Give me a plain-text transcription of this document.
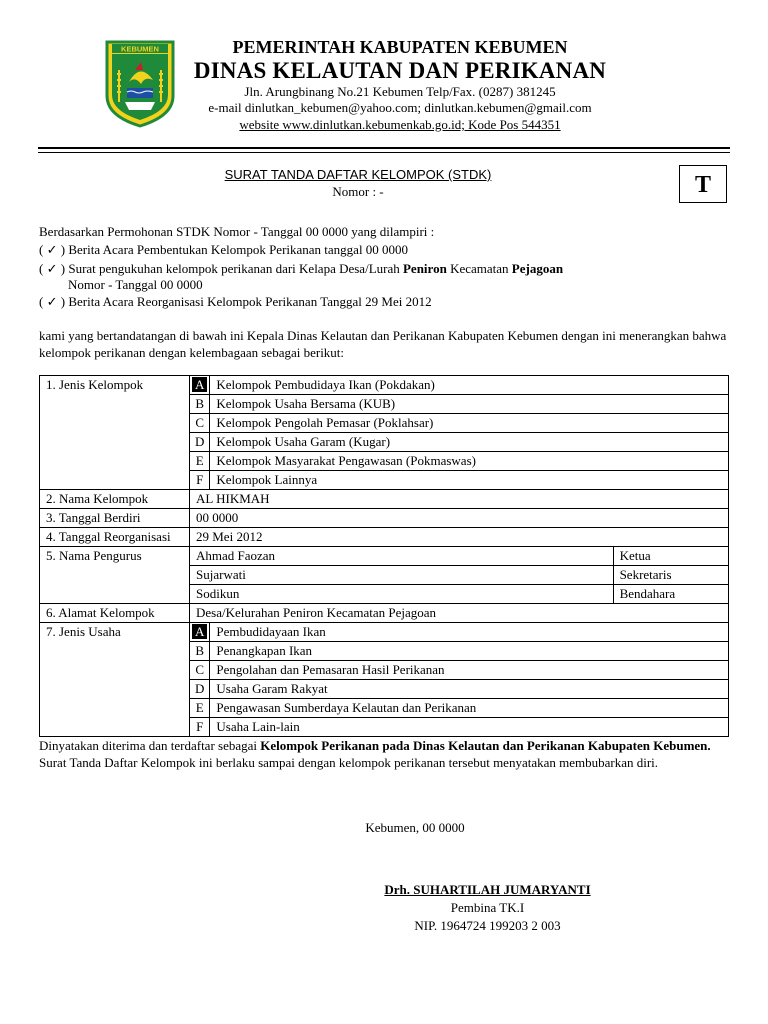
KEBUMEN	PEMERINTAH KABUPATEN KEBUMEN
DINAS KELAUTAN DAN PERIKANAN
Jln. Arungbinang No.21 Kebumen Telp/Fax. (0287) 381245
e-mail dinlutkan_kebumen@yahoo.com; dinlutkan.kebumen@gmail.com
website www.dinlutkan.kebumenkab.go.id; Kode Pos 544351
SURAT TANDA DAFTAR KELOMPOK (STDK)
Nomor : -	T
Berdasarkan Permohonan STDK Nomor - Tanggal 00 0000 yang dilampiri :
( ✓ ) Berita Acara Pembentukan Kelompok Perikanan tanggal 00 0000
( ✓ ) Surat pengukuhan kelompok perikanan dari Kelapa Desa/Lurah Peniron Kecamatan Pejagoan
Nomor - Tanggal 00 0000
( ✓ ) Berita Acara Reorganisasi Kelompok Perikanan Tanggal 29 Mei 2012
kami yang bertandatangan di bawah ini Kepala Dinas Kelautan dan Perikanan Kabupaten Kebumen dengan ini menerangkan bahwa kelompok perikanan dengan kelembagaan sebagai berikut:
1. Jenis Kelompok	A	Kelompok Pembudidaya Ikan (Pokdakan)	
	B	Kelompok Usaha Bersama (KUB)	
	C	Kelompok Pengolah Pemasar (Poklahsar)	
	D	Kelompok Usaha Garam (Kugar)	
	E	Kelompok Masyarakat Pengawasan (Pokmaswas)	
	F	Kelompok Lainnya	
2. Nama Kelompok	AL HIKMAH		
3. Tanggal Berdiri	00 0000		
4. Tanggal Reorganisasi	29 Mei 2012		
5. Nama Pengurus	Ahmad Faozan		Ketua
	Sujarwati		Sekretaris
	Sodikun		Bendahara
6. Alamat Kelompok	Desa/Kelurahan Peniron Kecamatan Pejagoan		
7. Jenis Usaha	A	Pembudidayaan Ikan	
	B	Penangkapan Ikan	
	C	Pengolahan dan Pemasaran Hasil Perikanan	
	D	Usaha Garam Rakyat	
	E	Pengawasan Sumberdaya Kelautan dan Perikanan	
	F	Usaha Lain-lain	
Dinyatakan diterima dan terdaftar sebagai Kelompok Perikanan pada Dinas Kelautan dan Perikanan Kabupaten Kebumen. Surat Tanda Daftar Kelompok ini berlaku sampai dengan kelompok perikanan tersebut menyatakan membubarkan diri.
Kebumen, 00 0000
Drh. SUHARTILAH JUMARYANTI
Pembina TK.I
NIP. 1964724 199203 2 003
